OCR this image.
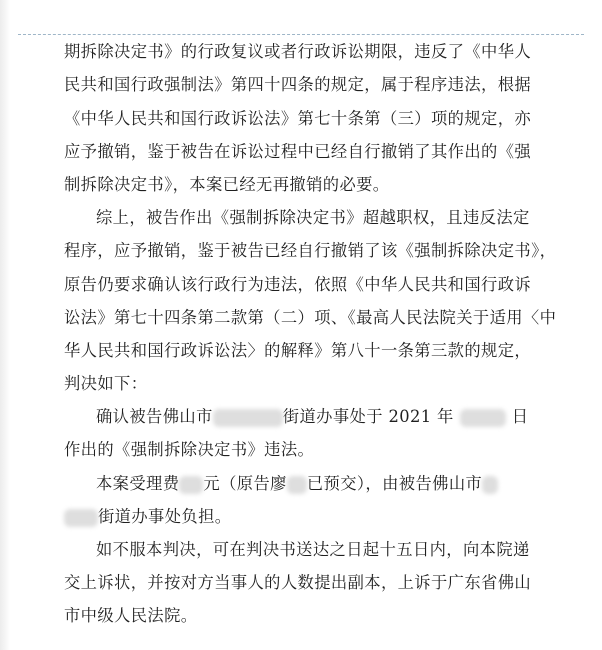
期拆除决定书》的行政复议或者行政诉讼期限，违反了《中华人
民共和国行政强制法》第四十四条的规定，属于程序违法，根据
《中华人民共和国行政诉讼法》第七十条第（三）项的规定，亦
应予撤销，鉴于被告在诉讼过程中已经自行撤销了其作出的《强
制拆除决定书》，本案已经无再撤销的必要。
综上，被告作出《强制拆除决定书》超越职权，且违反法定
程序，应予撤销，鉴于被告已经自行撤销了该《强制拆除决定书》，
原告仍要求确认该行政行为违法，依照《中华人民共和国行政诉
讼法》第七十四条第二款第（二）项、《最高人民法院关于适用〈中
华人民共和国行政诉讼法〉的解释》第八十一条第三款的规定，
判决如下：
确认被告佛山市	街道办事处于 2021 年	日
作出的《强制拆除决定书》违法。
本案受理费 元（原告廖 已预交），由被告佛山市
街道办事处负担。
如不服本判决，可在判决书送达之日起十五日内，向本院递
交上诉状，并按对方当事人的人数提出副本，上诉于广东省佛山
市中级人民法院。
